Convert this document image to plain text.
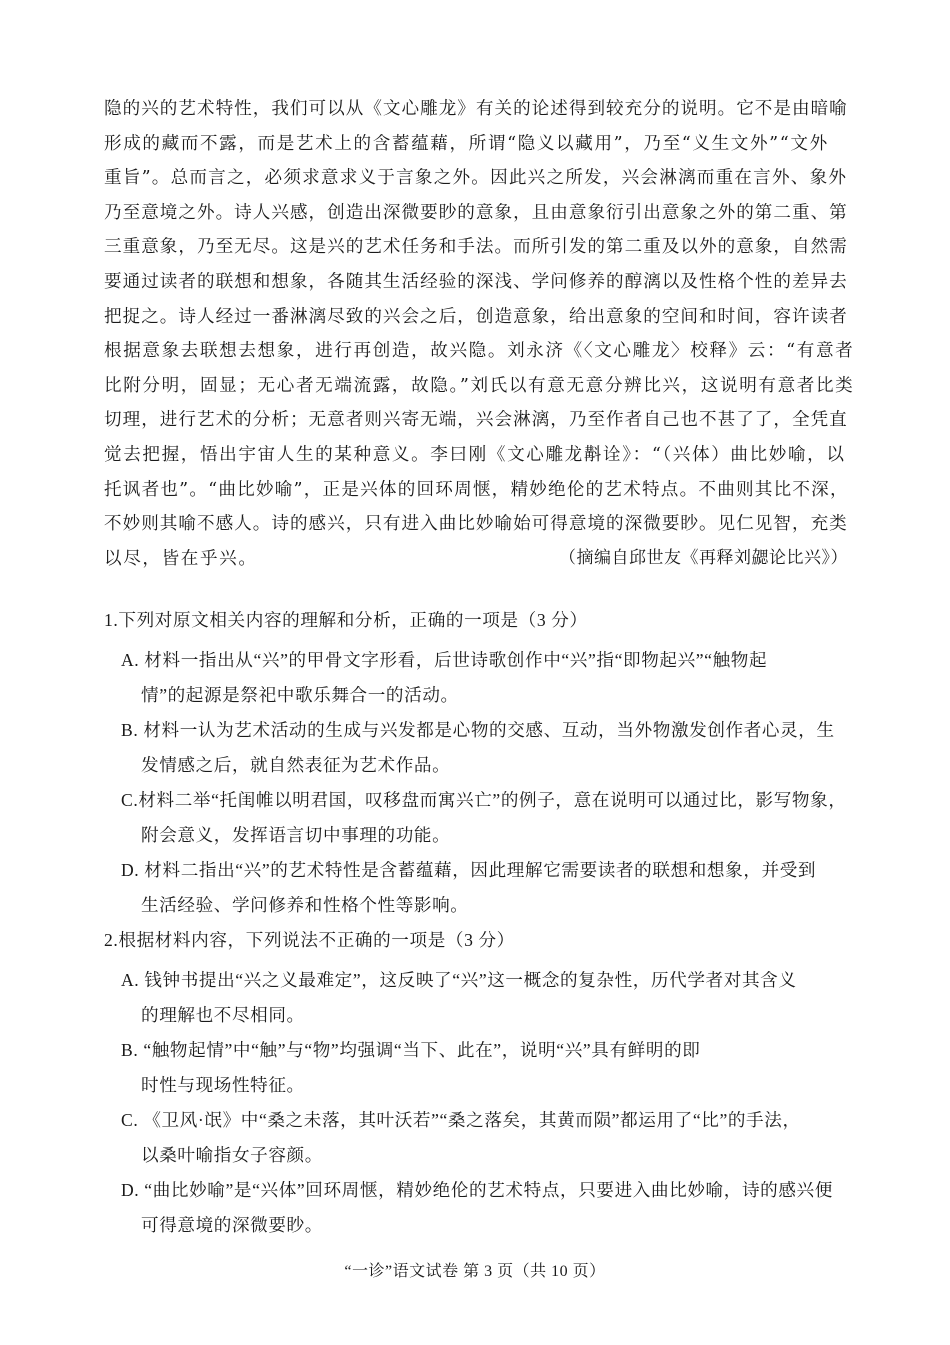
隐的兴的艺术特性，我们可以从《文心雕龙》有关的论述得到较充分的说明。它不是由暗喻
形成的藏而不露，而是艺术上的含蓄蕴藉，所谓“隐义以藏用”，乃至“义生文外”“文外
重旨”。总而言之，必须求意求义于言象之外。因此兴之所发，兴会淋漓而重在言外、象外
乃至意境之外。诗人兴感，创造出深微要眇的意象，且由意象衍引出意象之外的第二重、第
三重意象，乃至无尽。这是兴的艺术任务和手法。而所引发的第二重及以外的意象，自然需
要通过读者的联想和想象，各随其生活经验的深浅、学问修养的醇漓以及性格个性的差异去
把捉之。诗人经过一番淋漓尽致的兴会之后，创造意象，给出意象的空间和时间，容许读者
根据意象去联想去想象，进行再创造，故兴隐。刘永济《〈文心雕龙〉校释》云：“有意者
比附分明，固显；无心者无端流露，故隐。”刘氏以有意无意分辨比兴，这说明有意者比类
切理，进行艺术的分析；无意者则兴寄无端，兴会淋漓，乃至作者自己也不甚了了，全凭直
觉去把握，悟出宇宙人生的某种意义。李曰刚《文心雕龙斠诠》：“（兴体）曲比妙喻，以
托讽者也”。“曲比妙喻”，正是兴体的回环周惬，精妙绝伦的艺术特点。不曲则其比不深，
不妙则其喻不感人。诗的感兴，只有进入曲比妙喻始可得意境的深微要眇。见仁见智，充类
以尽，皆在乎兴。	（摘编自邱世友《再释刘勰论比兴》）

1.下列对原文相关内容的理解和分析，正确的一项是（3 分）

A. 材料一指出从“兴”的甲骨文字形看，后世诗歌创作中“兴”指“即物起兴”“触物起
情”的起源是祭祀中歌乐舞合一的活动。

B. 材料一认为艺术活动的生成与兴发都是心物的交感、互动，当外物激发创作者心灵，生
发情感之后，就自然表征为艺术作品。

C.材料二举“托闺帷以明君国，叹移盘而寓兴亡”的例子，意在说明可以通过比，影写物象，
附会意义，发挥语言切中事理的功能。

D. 材料二指出“兴”的艺术特性是含蓄蕴藉，因此理解它需要读者的联想和想象，并受到
生活经验、学问修养和性格个性等影响。

2.根据材料内容，下列说法不正确的一项是（3 分）

A. 钱钟书提出“兴之义最难定”，这反映了“兴”这一概念的复杂性，历代学者对其含义
的理解也不尽相同。

B. “触物起情”中“触”与“物”均强调“当下、此在”，说明“兴”具有鲜明的即
时性与现场性特征。

C. 《卫风·氓》中“桑之未落，其叶沃若”“桑之落矣，其黄而陨”都运用了“比”的手法，
以桑叶喻指女子容颜。

D. “曲比妙喻”是“兴体”回环周惬，精妙绝伦的艺术特点，只要进入曲比妙喻，诗的感兴便
可得意境的深微要眇。

“一诊”语文试卷 第 3 页（共 10 页）
